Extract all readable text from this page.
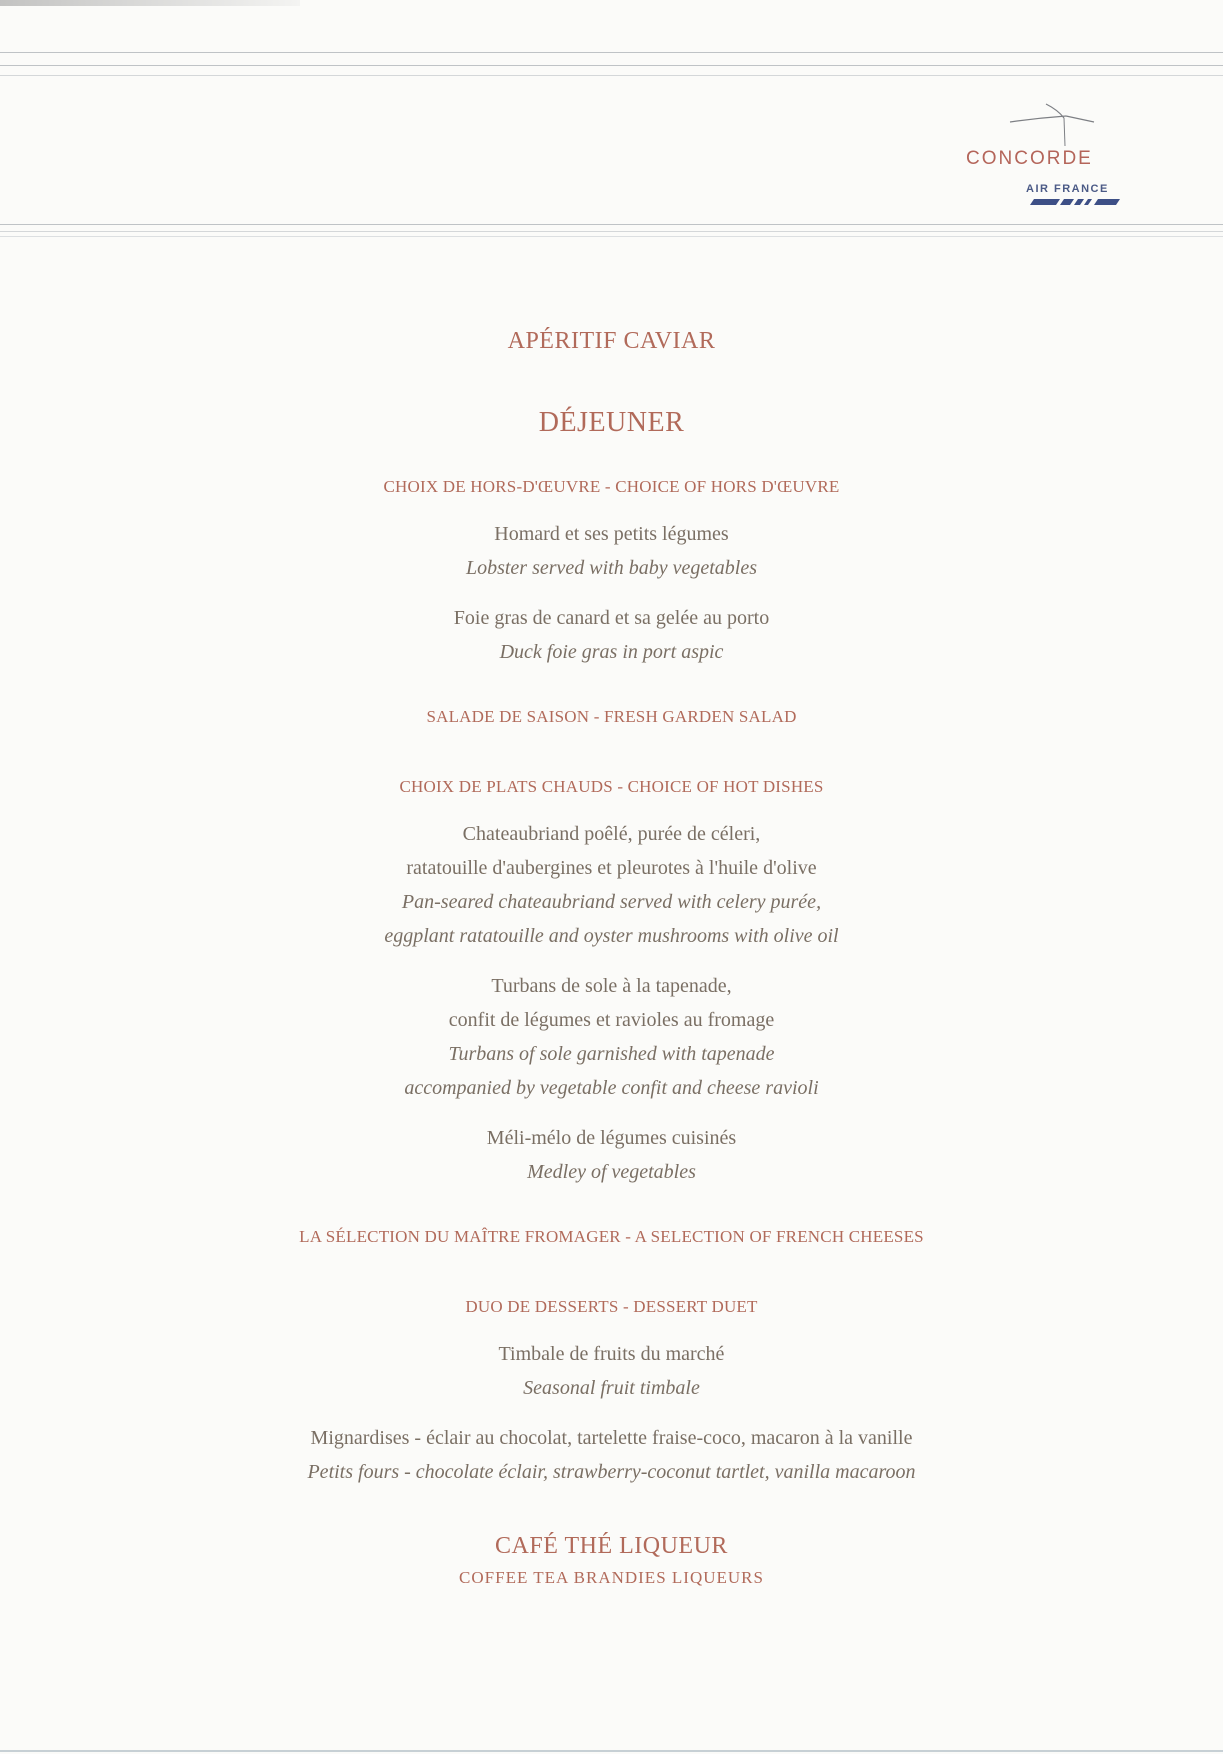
CONCORDE
AIR FRANCE

APÉRITIF CAVIAR

DÉJEUNER

CHOIX DE HORS-D'ŒUVRE - CHOICE OF HORS D'ŒUVRE

Homard et ses petits légumes

Lobster served with baby vegetables

Foie gras de canard et sa gelée au porto

Duck foie gras in port aspic

SALADE DE SAISON - FRESH GARDEN SALAD

CHOIX DE PLATS CHAUDS - CHOICE OF HOT DISHES

Chateaubriand poêlé, purée de céleri,

ratatouille d'aubergines et pleurotes à l'huile d'olive

Pan-seared chateaubriand served with celery purée,

eggplant ratatouille and oyster mushrooms with olive oil

Turbans de sole à la tapenade,

confit de légumes et ravioles au fromage

Turbans of sole garnished with tapenade

accompanied by vegetable confit and cheese ravioli

Méli-mélo de légumes cuisinés

Medley of vegetables

LA SÉLECTION DU MAÎTRE FROMAGER - A SELECTION OF FRENCH CHEESES

DUO DE DESSERTS - DESSERT DUET

Timbale de fruits du marché

Seasonal fruit timbale

Mignardises - éclair au chocolat, tartelette fraise-coco, macaron à la vanille

Petits fours - chocolate éclair, strawberry-coconut tartlet, vanilla macaroon

CAFÉ THÉ LIQUEUR

COFFEE TEA BRANDIES LIQUEURS
